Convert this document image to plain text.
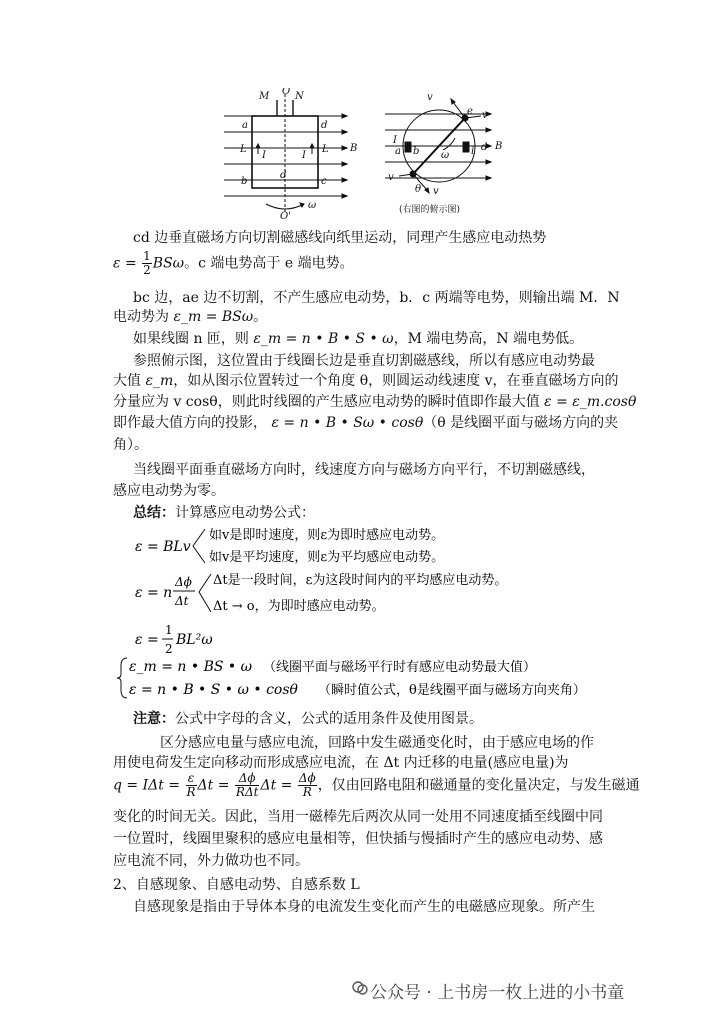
M O N
a	d
L
I	I
L B
b
d
c
ω
O'
v
e v
I
a b ω i d B
v
θ v
(右图的俯示图)
cd 边垂直磁场方向切割磁感线向纸里运动，同理产生感应电动热势
$\varepsilon = \frac{1}{2}$ BSω。c 端电势高于 e 端电势。
bc 边，ae 边不切割，不产生感应电动势，b．c 两端等电势，则输出端 M．N
电动势为 ε_m = BSω。
如果线圈 n 匝，则 ε_m = n • B • S • ω，M 端电势高，N 端电势低。
参照俯示图，这位置由于线圈长边是垂直切割磁感线，所以有感应电动势最
大值 ε_m，如从图示位置转过一个角度 θ，则圆运动线速度 v，在垂直磁场方向的
分量应为 v cosθ，则此时线圈的产生感应电动势的瞬时值即作最大值 ε = ε_m.cosθ
即作最大值方向的投影， ε = n • B • Sω • cosθ（θ 是线圈平面与磁场方向的夹
角）。
当线圈平面垂直磁场方向时，线速度方向与磁场方向平行，不切割磁感线，
感应电动势为零。
总结：计算感应电动势公式：
ε = BLv
如v是即时速度，则ε为即时感应电动势。
如v是平均速度，则ε为平均感应电动势。
ε = n
Δϕ
Δt
Δt是一段时间，ε为这段时间内的平均感应电动势。
Δt → o，为即时感应电动势。
ε =
1
2
BL²ω
ε_m = n • BS • ω （线圈平面与磁场平行时有感应电动势最大值）
ε = n • B • S • ω • cosθ （瞬时值公式，θ是线圈平面与磁场方向夹角）
注意：公式中字母的含义，公式的适用条件及使用图景。
区分感应电量与感应电流，回路中发生磁通变化时，由于感应电场的作
用使电荷发生定向移动而形成感应电流，在 Δt 内迁移的电量(感应电量)为
$q = I\Delta t = \frac{\varepsilon}{R}$ $\Delta t = \frac{\Delta\phi}{\text{RΔt}}$ $\Delta t = \frac{\Delta\phi}{R}$ ，仅由回路电阻和磁通量的变化量决定，与发生磁通
变化的时间无关。因此，当用一磁棒先后两次从同一处用不同速度插至线圈中同
一位置时，线圈里聚积的感应电量相等，但快插与慢插时产生的感应电动势、感
应电流不同，外力做功也不同。
2、自感现象、自感电动势、自感系数 L
自感现象是指由于导体本身的电流发生变化而产生的电磁感应现象。所产生
公众号 · 上书房一枚上进的小书童
